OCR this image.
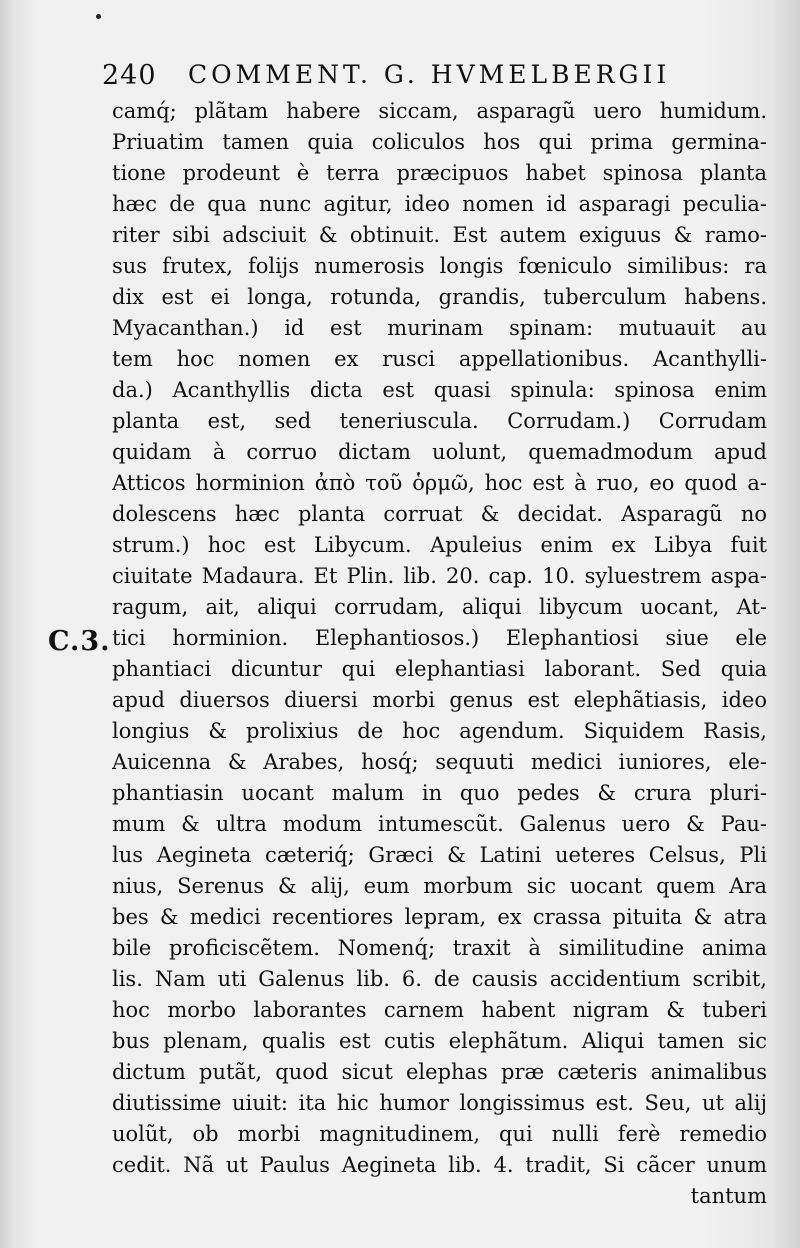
240 COMMENT. G. HVMELBERGII
C.3.
camq́; plãtam habere siccam, asparagũ uero humidum.
Priuatim tamen quia coliculos hos qui prima germina-
tione prodeunt è terra præcipuos habet spinosa planta
hæc de qua nunc agitur, ideo nomen id asparagi peculia-
riter sibi adsciuit & obtinuit. Est autem exiguus & ramo-
sus frutex, folijs numerosis longis fœniculo similibus: ra
dix est ei longa, rotunda, grandis, tuberculum habens.
Myacanthan.) id est murinam spinam: mutuauit au
tem hoc nomen ex rusci appellationibus. Acanthylli-
da.) Acanthyllis dicta est quasi spinula: spinosa enim
planta est, sed teneriuscula. Corrudam.) Corrudam
quidam à corruo dictam uolunt, quemadmodum apud
Atticos horminion ἀπὸ τοῦ ὁρμῶ, hoc est à ruo, eo quod a-
dolescens hæc planta corruat & decidat. Asparagũ no
strum.) hoc est Libycum. Apuleius enim ex Libya fuit
ciuitate Madaura. Et Plin. lib. 20. cap. 10. syluestrem aspa-
ragum, ait, aliqui corrudam, aliqui libycum uocant, At-
tici horminion. Elephantiosos.) Elephantiosi siue ele
phantiaci dicuntur qui elephantiasi laborant. Sed quia
apud diuersos diuersi morbi genus est elephãtiasis, ideo
longius & prolixius de hoc agendum. Siquidem Rasis,
Auicenna & Arabes, hosq́; sequuti medici iuniores, ele-
phantiasin uocant malum in quo pedes & crura pluri-
mum & ultra modum intumescũt. Galenus uero & Pau-
lus Aegineta cæteriq́; Græci & Latini ueteres Celsus, Pli
nius, Serenus & alij, eum morbum sic uocant quem Ara
bes & medici recentiores lepram, ex crassa pituita & atra
bile proficiscẽtem. Nomenq́; traxit à similitudine anima
lis. Nam uti Galenus lib. 6. de causis accidentium scribit,
hoc morbo laborantes carnem habent nigram & tuberi
bus plenam, qualis est cutis elephãtum. Aliqui tamen sic
dictum putãt, quod sicut elephas præ cæteris animalibus
diutissime uiuit: ita hic humor longissimus est. Seu, ut alij
uolũt, ob morbi magnitudinem, qui nulli ferè remedio
cedit. Nã ut Paulus Aegineta lib. 4. tradit, Si cãcer unum
tantum
